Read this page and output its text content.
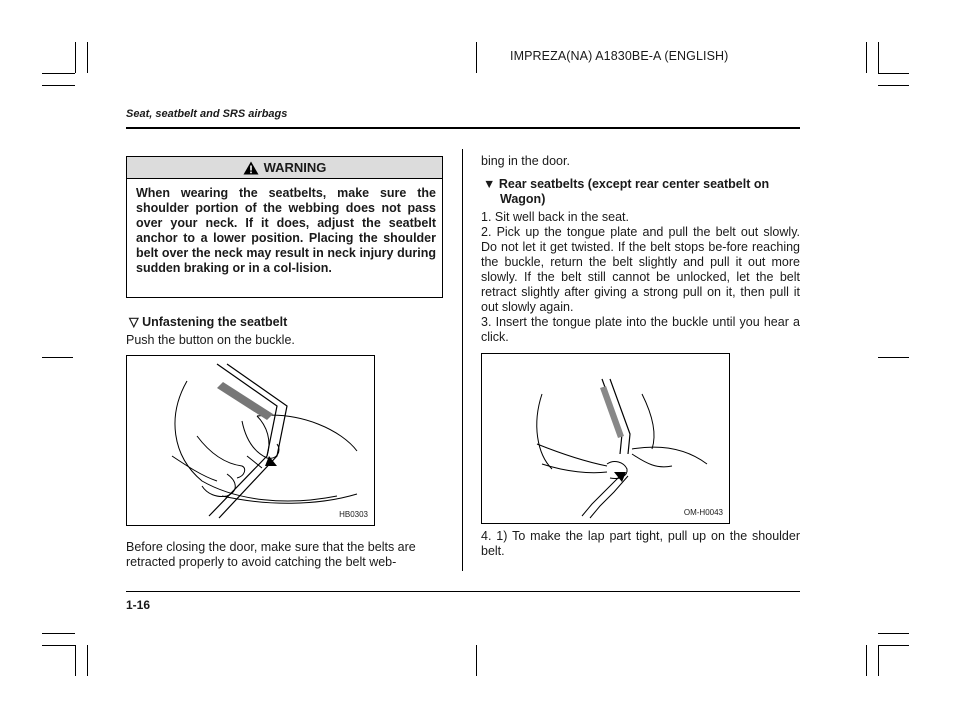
IMPREZA(NA) A1830BE-A (ENGLISH)
Seat, seatbelt and SRS airbags
WARNING
When wearing the seatbelts, make sure the shoulder portion of the webbing does not pass over your neck. If it does, adjust the seatbelt anchor to a lower position. Placing the shoulder belt over the neck may result in neck injury during sudden braking or in a col-lision.
▽ Unfastening the seatbelt
Push the button on the buckle.
HB0303
Before closing the door, make sure that the belts are
retracted properly to avoid catching the belt web-
bing in the door.
▼ Rear seatbelts (except rear center seatbelt on
Wagon)
1. Sit well back in the seat.
2. Pick up the tongue plate and pull the belt out slowly. Do not let it get twisted. If the belt stops be-fore reaching the buckle, return the belt slightly and pull it out more slowly. If the belt still cannot be unlocked, let the belt retract slightly after giving a strong pull on it, then pull it out slowly again.
3. Insert the tongue plate into the buckle until you hear a click.
OM-H0043
4. 1) To make the lap part tight, pull up on the shoulder belt.
1-16
